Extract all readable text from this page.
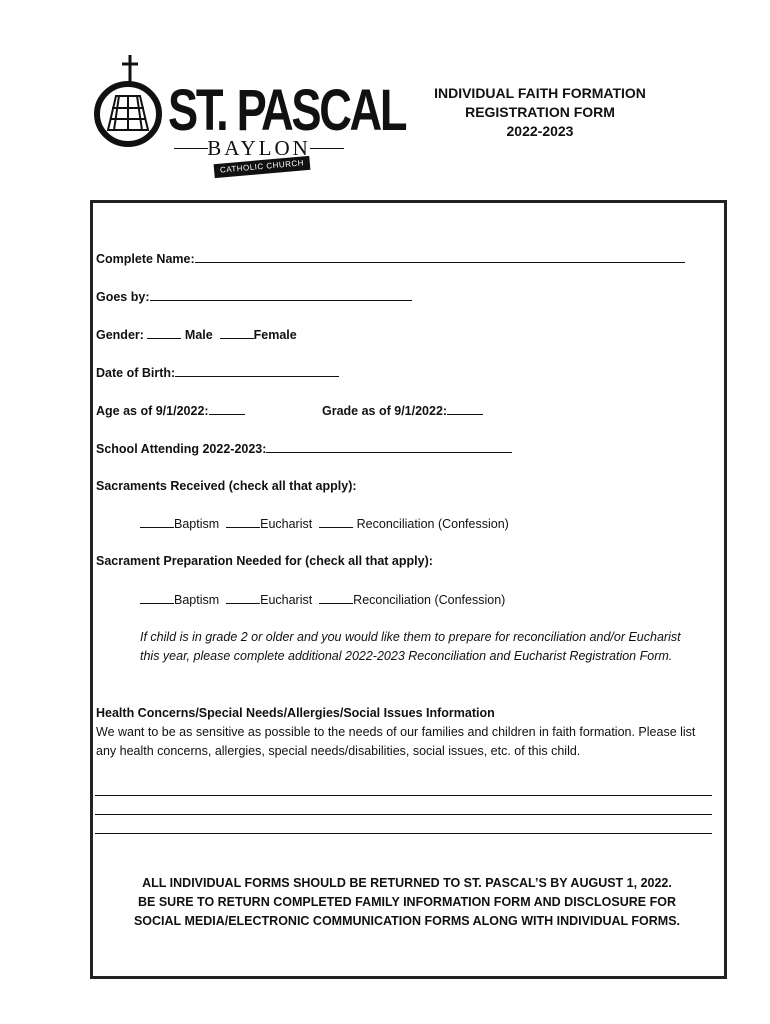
ST. PASCAL
BAYLON
CATHOLIC CHURCH
INDIVIDUAL FAITH FORMATION
REGISTRATION FORM
2022-2023
Complete Name:
Goes by:
Gender:	Male	Female
Date of Birth:
Age as of 9/1/2022:	Grade as of 9/1/2022:
School Attending 2022-2023:
Sacraments Received (check all that apply):
Baptism	Eucharist	Reconciliation (Confession)
Sacrament Preparation Needed for (check all that apply):
Baptism	Eucharist	Reconciliation (Confession)
If child is in grade 2 or older and you would like them to prepare for reconciliation and/or Eucharist this year, please complete additional 2022-2023 Reconciliation and Eucharist Registration Form.
Health Concerns/Special Needs/Allergies/Social Issues Information
We want to be as sensitive as possible to the needs of our families and children in faith formation. Please list any health concerns, allergies, special needs/disabilities, social issues, etc. of this child.
ALL INDIVIDUAL FORMS SHOULD BE RETURNED TO ST. PASCAL’S BY AUGUST 1, 2022.
BE SURE TO RETURN COMPLETED FAMILY INFORMATION FORM AND DISCLOSURE FOR
SOCIAL MEDIA/ELECTRONIC COMMUNICATION FORMS ALONG WITH INDIVIDUAL FORMS.
